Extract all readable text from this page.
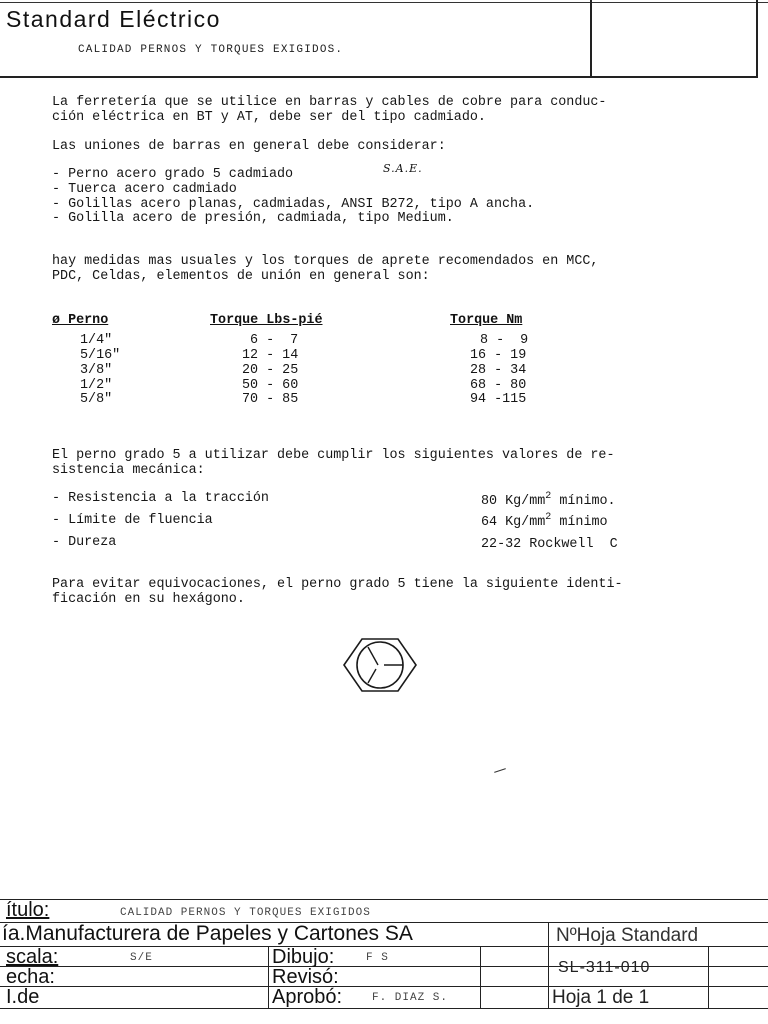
Standard Eléctrico
CALIDAD PERNOS Y TORQUES EXIGIDOS.
La ferretería que se utilice en barras y cables de cobre para conduc-
ción eléctrica en BT y AT, debe ser del tipo cadmiado.
Las uniones de barras en general debe considerar:
- Perno acero grado 5 cadmiado	S.A.E.
- Tuerca acero cadmiado
- Golillas acero planas, cadmiadas, ANSI B272, tipo A ancha.
- Golilla acero de presión, cadmiada, tipo Medium.
hay medidas mas usuales y los torques de aprete recomendados en MCC,
PDC, Celdas, elementos de unión en general son:
ø Perno	Torque Lbs-pié	Torque Nm
1/4"	6 -  7	8 -  9
5/16"	12 - 14	16 - 19
3/8"	20 - 25	28 - 34
1/2"	50 - 60	68 - 80
5/8"	70 - 85	94 -115
El perno grado 5 a utilizar debe cumplir los siguientes valores de re-
sistencia mecánica:
- Resistencia a la tracción	80 $Kg/mm^2$ mínimo.
- Límite de fluencia	64 $Kg/mm^2$ mínimo
- Dureza	22-32 Rockwell  C
Para evitar equivocaciones, el perno grado 5 tiene la siguiente identi-
ficación en su hexágono.
ítulo:	CALIDAD PERNOS Y TORQUES EXIGIDOS
ía.Manufacturera de Papeles y Cartones SA	NºHoja Standard
scala:	S/E	Dibujo:	F S
SL-311-010
echa:	Revisó:
I.de	Aprobó:	F. DIAZ S.	Hoja 1 de 1
